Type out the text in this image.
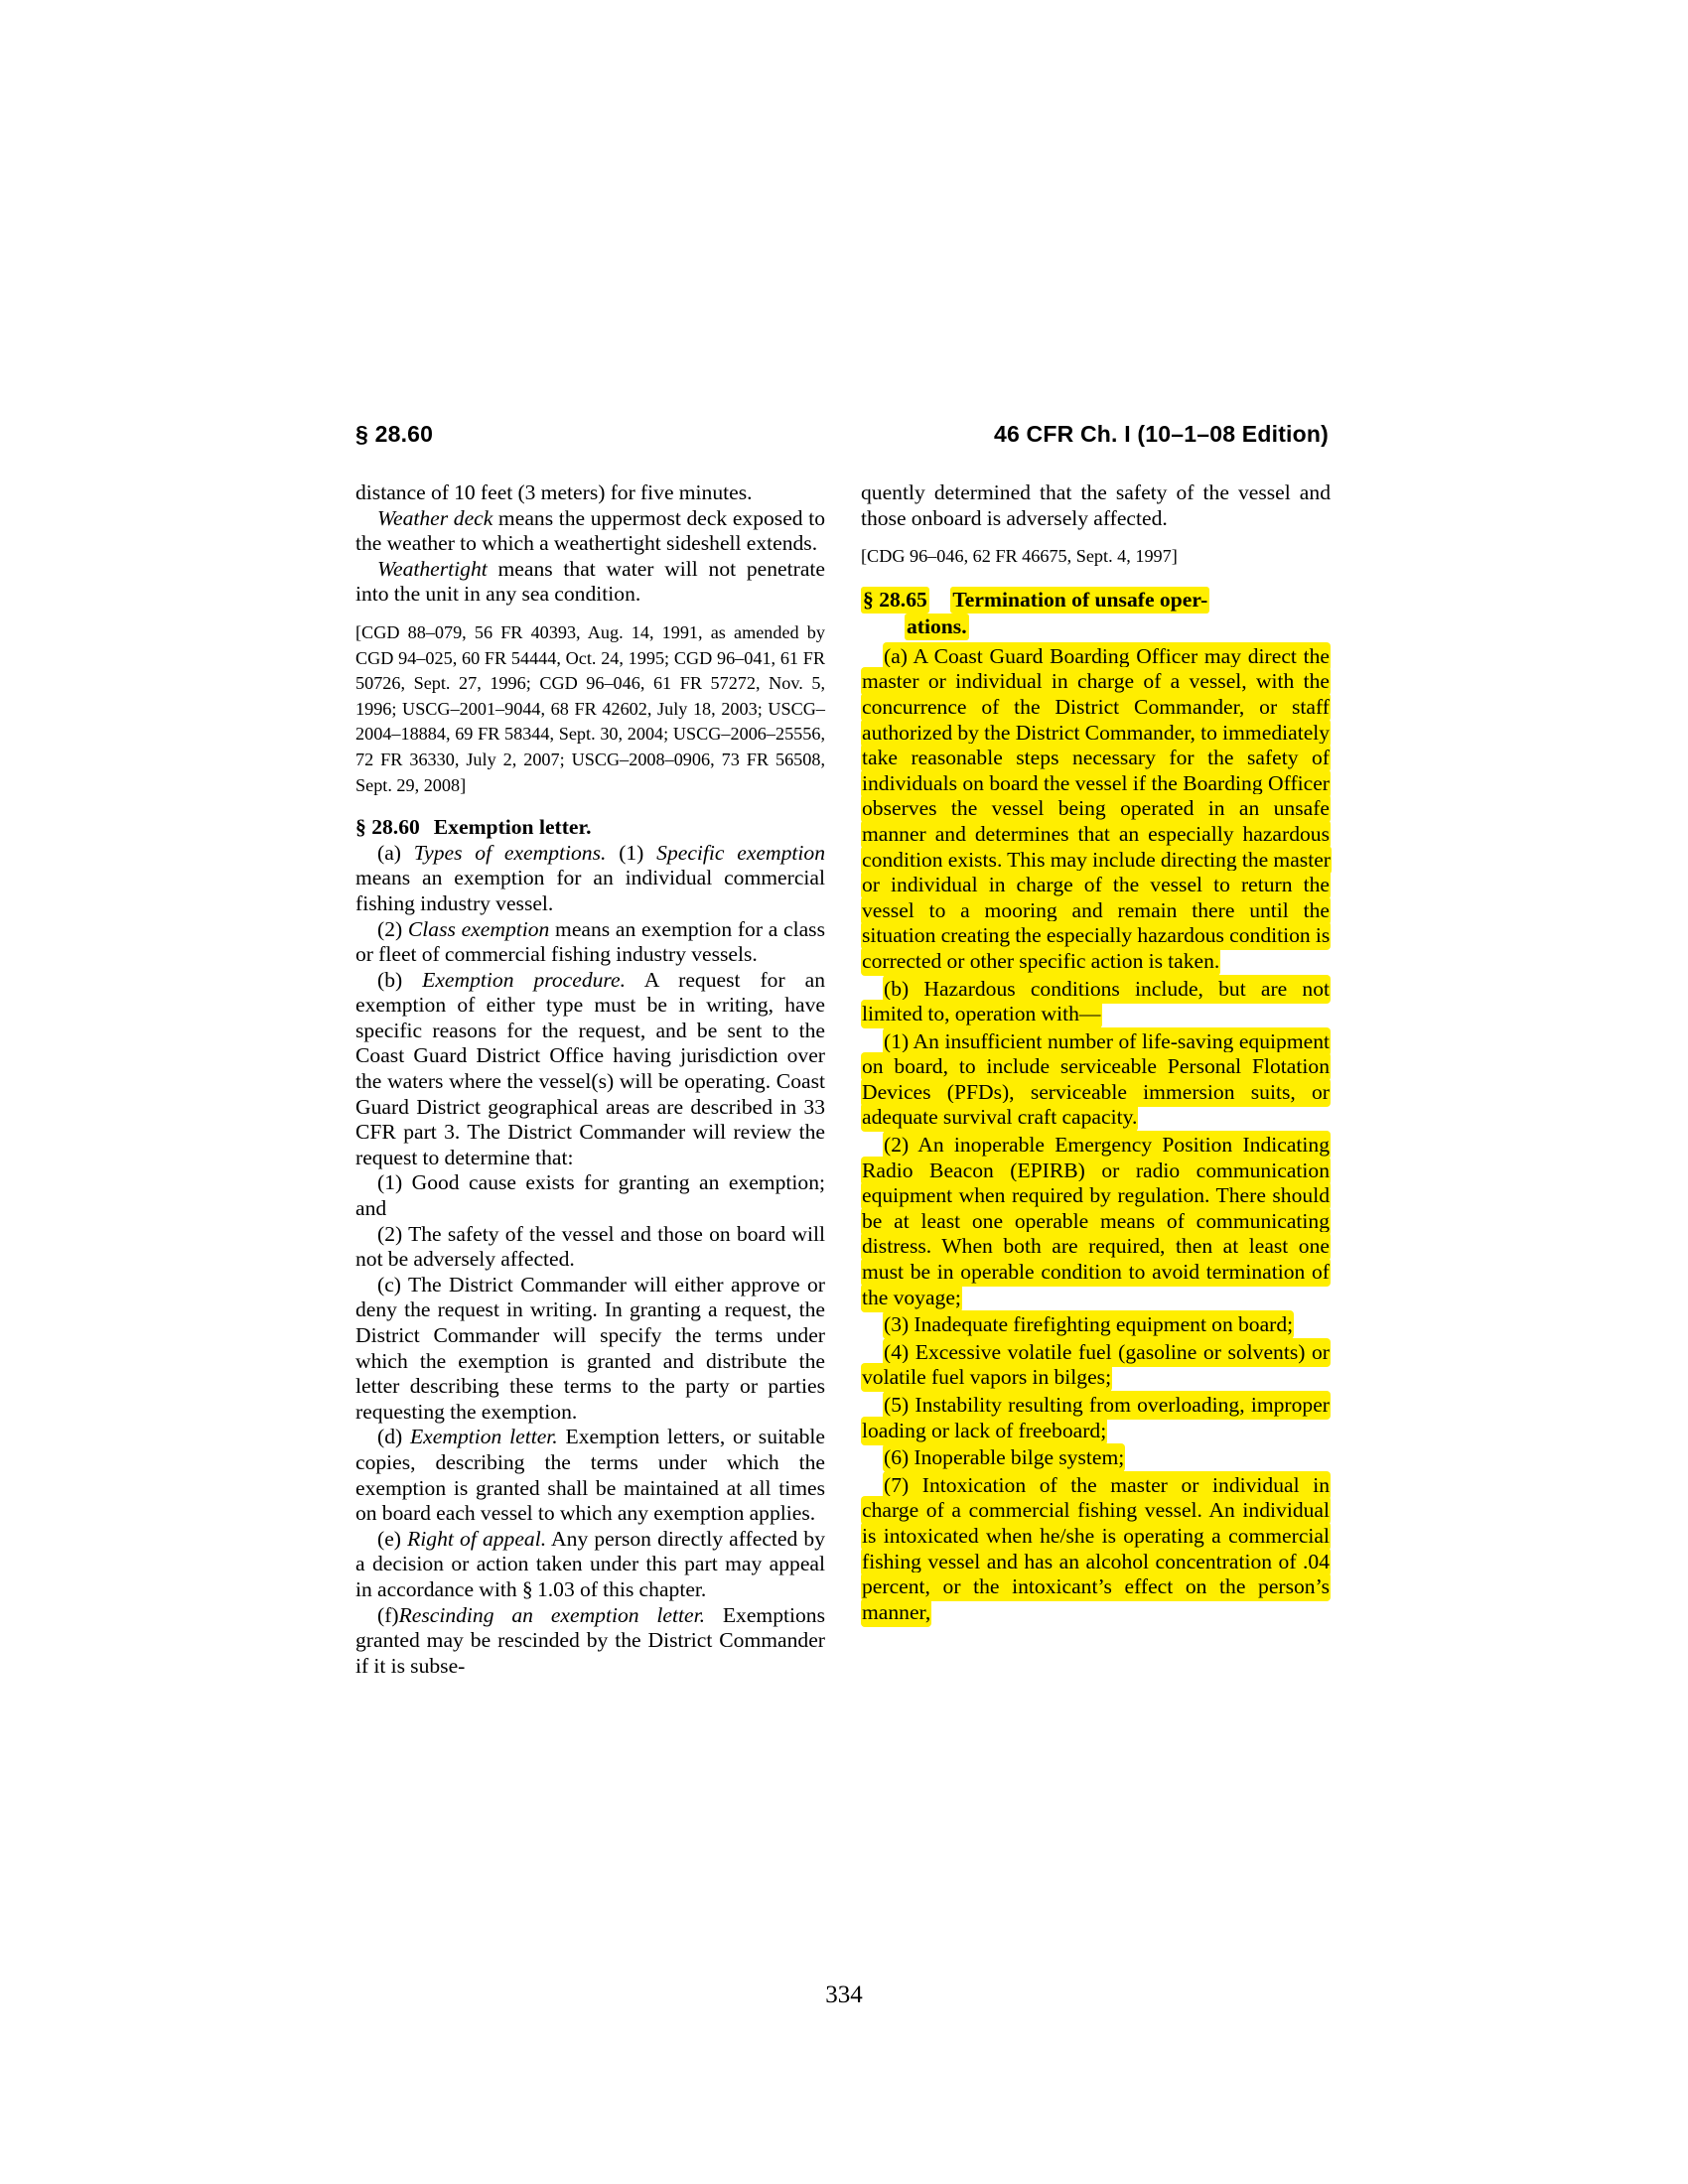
§ 28.60	46 CFR Ch. I (10–1–08 Edition)

distance of 10 feet (3 meters) for five minutes.

Weather deck means the uppermost deck exposed to the weather to which a weathertight sideshell extends.

Weathertight means that water will not penetrate into the unit in any sea condition.

[CGD 88–079, 56 FR 40393, Aug. 14, 1991, as amended by CGD 94–025, 60 FR 54444, Oct. 24, 1995; CGD 96–041, 61 FR 50726, Sept. 27, 1996; CGD 96–046, 61 FR 57272, Nov. 5, 1996; USCG–2001–9044, 68 FR 42602, July 18, 2003; USCG–2004–18884, 69 FR 58344, Sept. 30, 2004; USCG–2006–25556, 72 FR 36330, July 2, 2007; USCG–2008–0906, 73 FR 56508, Sept. 29, 2008]

§ 28.60 Exemption letter.

(a) Types of exemptions. (1) Specific exemption means an exemption for an individual commercial fishing industry vessel.

(2) Class exemption means an exemption for a class or fleet of commercial fishing industry vessels.

(b) Exemption procedure. A request for an exemption of either type must be in writing, have specific reasons for the request, and be sent to the Coast Guard District Office having jurisdiction over the waters where the vessel(s) will be operating. Coast Guard District geographical areas are described in 33 CFR part 3. The District Commander will review the request to determine that:

(1) Good cause exists for granting an exemption; and

(2) The safety of the vessel and those on board will not be adversely affected.

(c) The District Commander will either approve or deny the request in writing. In granting a request, the District Commander will specify the terms under which the exemption is granted and distribute the letter describing these terms to the party or parties requesting the exemption.

(d) Exemption letter. Exemption letters, or suitable copies, describing the terms under which the exemption is granted shall be maintained at all times on board each vessel to which any exemption applies.

(e) Right of appeal. Any person directly affected by a decision or action taken under this part may appeal in accordance with § 1.03 of this chapter.

(f)Rescinding an exemption letter. Exemptions granted may be rescinded by the District Commander if it is subse-

quently determined that the safety of the vessel and those onboard is adversely affected.

[CDG 96–046, 62 FR 46675, Sept. 4, 1997]

§ 28.65  Termination of unsafe oper-
ations.

(a) A Coast Guard Boarding Officer may direct the master or individual in charge of a vessel, with the concurrence of the District Commander, or staff authorized by the District Commander, to immediately take reasonable steps necessary for the safety of individuals on board the vessel if the Boarding Officer observes the vessel being operated in an unsafe manner and determines that an especially hazardous condition exists. This may include directing the master or individual in charge of the vessel to return the vessel to a mooring and remain there until the situation creating the especially hazardous condition is corrected or other specific action is taken.

(b) Hazardous conditions include, but are not limited to, operation with—

(1) An insufficient number of life-saving equipment on board, to include serviceable Personal Flotation Devices (PFDs), serviceable immersion suits, or adequate survival craft capacity.

(2) An inoperable Emergency Position Indicating Radio Beacon (EPIRB) or radio communication equipment when required by regulation. There should be at least one operable means of communicating distress. When both are required, then at least one must be in operable condition to avoid termination of the voyage;

(3) Inadequate firefighting equipment on board;

(4) Excessive volatile fuel (gasoline or solvents) or volatile fuel vapors in bilges;

(5) Instability resulting from overloading, improper loading or lack of freeboard;

(6) Inoperable bilge system;

(7) Intoxication of the master or individual in charge of a commercial fishing vessel. An individual is intoxicated when he/she is operating a commercial fishing vessel and has an alcohol concentration of .04 percent, or the intoxicant’s effect on the person’s manner,

334
